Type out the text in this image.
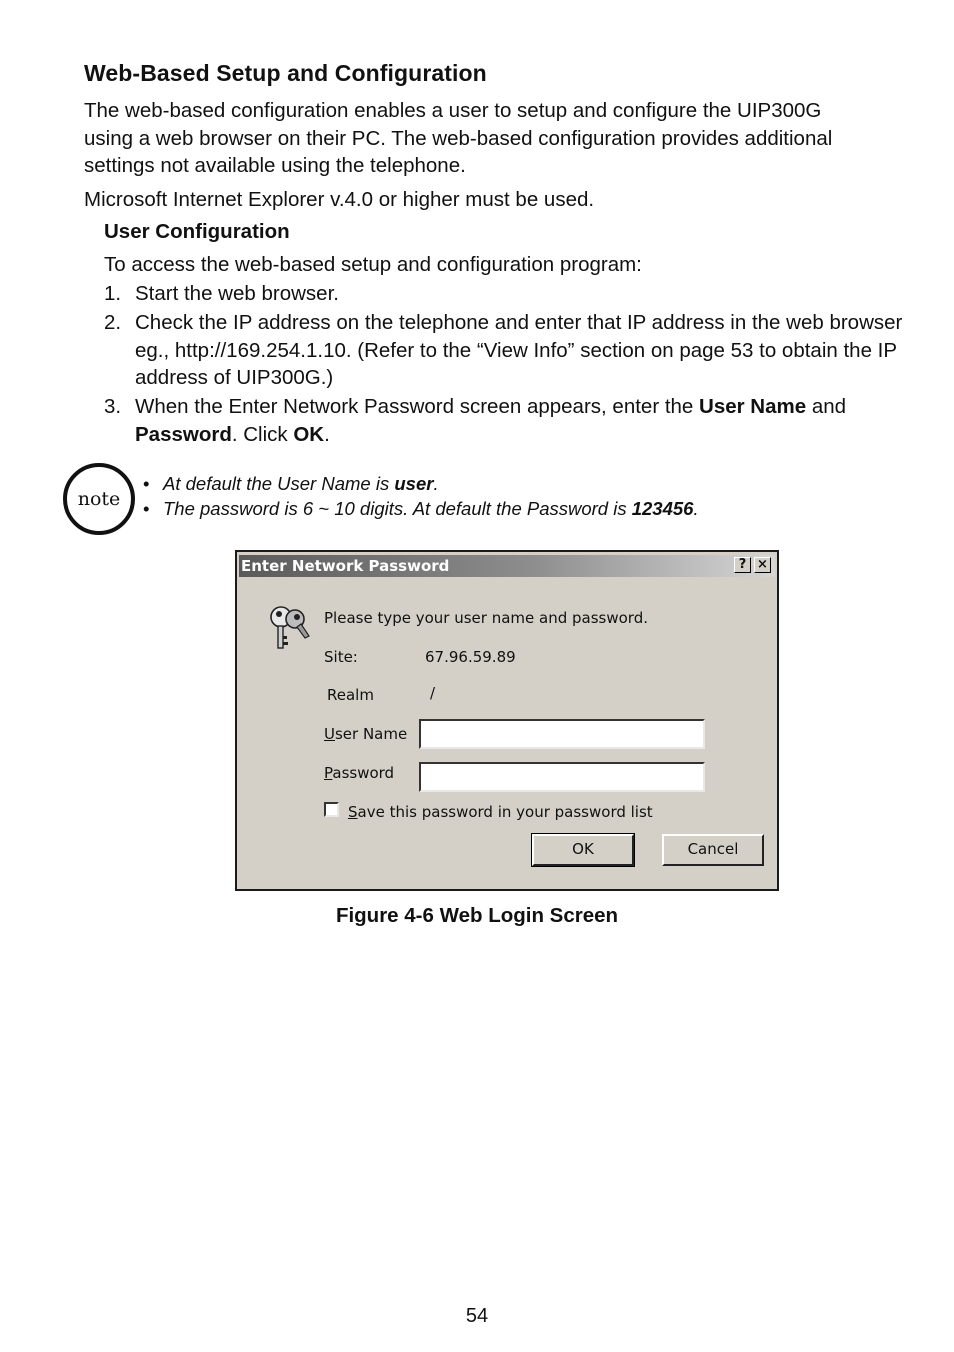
Web-Based Setup and Configuration

The web-based configuration enables a user to setup and configure the UIP300G using a web browser on their PC. The web-based configuration provides additional settings not available using the telephone.

Microsoft Internet Explorer v.4.0 or higher must be used.

User Configuration
To access the web-based setup and configuration program:
1. Start the web browser.
2. Check the IP address on the telephone and enter that IP address in the web browser eg., http://169.254.1.10. (Refer to the “View Info” section on page 53 to obtain the IP address of UIP300G.)
3. When the Enter Network Password screen appears, enter the User Name and Password. Click OK.
note
• At default the User Name is user.
• The password is 6 ~ 10 digits. At default the Password is 123456.
Enter Network Password	? ×
Please type your user name and password.
Site:	67.96.59.89
Realm	/
User Name
Password
Save this password in your password list
OK	Cancel
Figure 4-6 Web Login Screen
54
